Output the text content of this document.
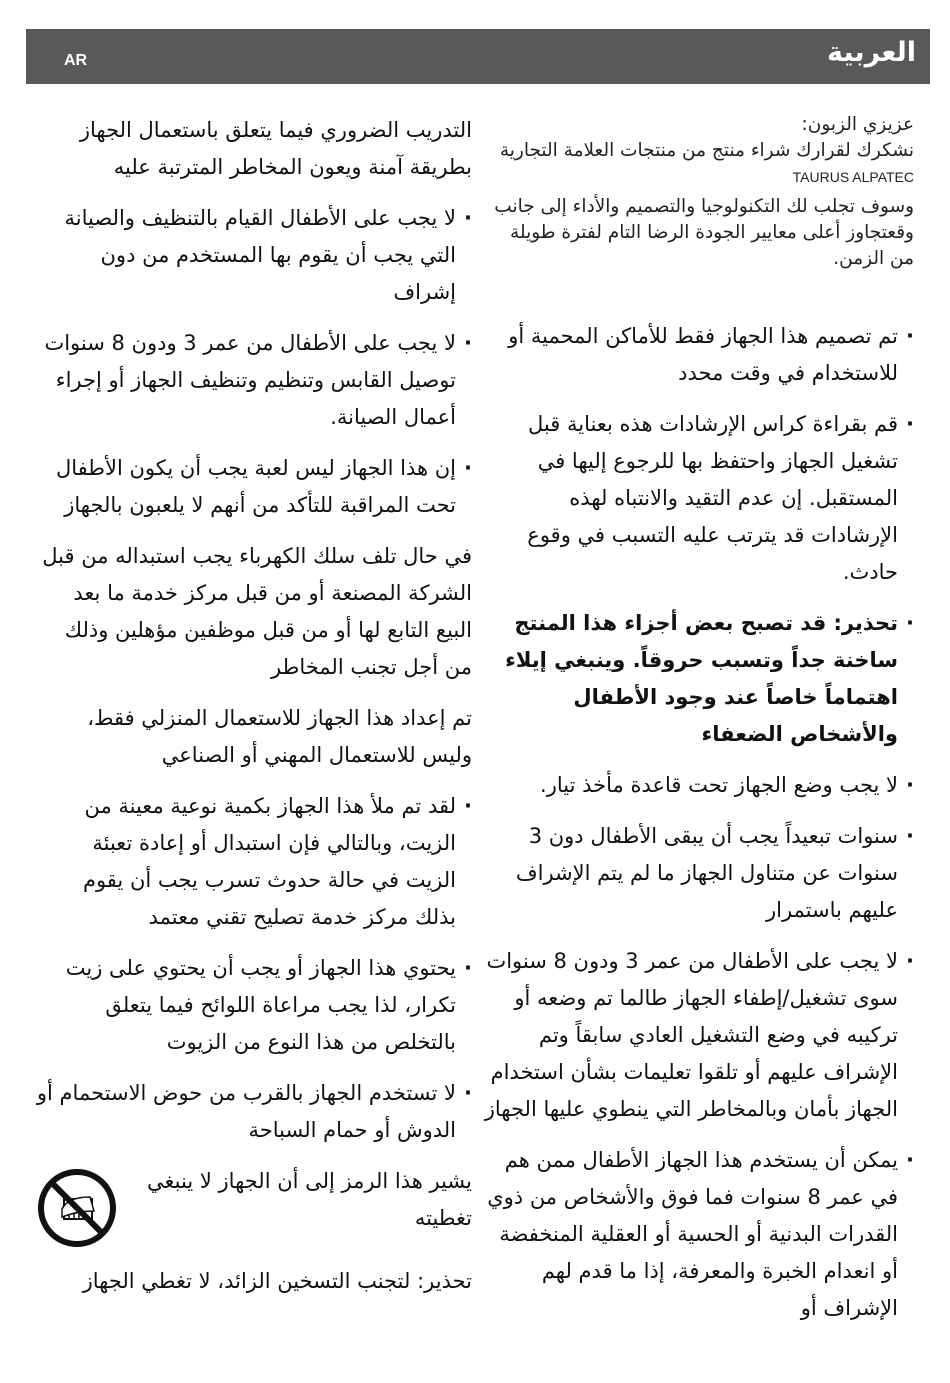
AR	العربية
عزيزي الزبون:
نشكرك لقرارك شراء منتج من منتجات العلامة التجارية TAURUS ALPATEC
وسوف تجلب لك التكنولوجيا والتصميم والأداء إلى جانب وقعتجاوز أعلى معايير الجودة الرضا التام لفترة طويلة من الزمن.

· تم تصميم هذا الجهاز فقط للأماكن المحمية أو للاستخدام في وقت محدد

· قم بقراءة كراس الإرشادات هذه بعناية قبل تشغيل الجهاز واحتفظ بها للرجوع إليها في المستقبل. إن عدم التقيد والانتباه لهذه الإرشادات قد يترتب عليه التسبب في وقوع حادث.

· تحذير: قد تصبح بعض أجزاء هذا المنتج ساخنة جداً وتسبب حروقاً. وينبغي إيلاء اهتماماً خاصاً عند وجود الأطفال والأشخاص الضعفاء

· لا يجب وضع الجهاز تحت قاعدة مأخذ تيار.

· سنوات تبعيداً يجب أن يبقى الأطفال دون 3 سنوات عن متناول الجهاز ما لم يتم الإشراف عليهم باستمرار

· لا يجب على الأطفال من عمر 3 ودون 8 سنوات سوى تشغيل/إطفاء الجهاز طالما تم وضعه أو تركيبه في وضع التشغيل العادي سابقاً وتم الإشراف عليهم أو تلقوا تعليمات بشأن استخدام الجهاز بأمان وبالمخاطر التي ينطوي عليها الجهاز

· يمكن أن يستخدم هذا الجهاز الأطفال ممن هم في عمر 8 سنوات فما فوق والأشخاص من ذوي القدرات البدنية أو الحسية أو العقلية المنخفضة أو انعدام الخبرة والمعرفة، إذا ما قدم لهم الإشراف أو

التدريب الضروري فيما يتعلق باستعمال الجهاز بطريقة آمنة ويعون المخاطر المترتبة عليه

· لا يجب على الأطفال القيام بالتنظيف والصيانة التي يجب أن يقوم بها المستخدم من دون إشراف

· لا يجب على الأطفال من عمر 3 ودون 8 سنوات توصيل القابس وتنظيم وتنظيف الجهاز أو إجراء أعمال الصيانة.

· إن هذا الجهاز ليس لعبة يجب أن يكون الأطفال تحت المراقبة للتأكد من أنهم لا يلعبون بالجهاز

في حال تلف سلك الكهرباء يجب استبداله من قبل الشركة المصنعة أو من قبل مركز خدمة ما بعد البيع التابع لها أو من قبل موظفين مؤهلين وذلك من أجل تجنب المخاطر

تم إعداد هذا الجهاز للاستعمال المنزلي فقط، وليس للاستعمال المهني أو الصناعي

· لقد تم ملأ هذا الجهاز بكمية نوعية معينة من الزيت، وبالتالي فإن استبدال أو إعادة تعبئة الزيت في حالة حدوث تسرب يجب أن يقوم بذلك مركز خدمة تصليح تقني معتمد

· يحتوي هذا الجهاز أو يجب أن يحتوي على زيت تكرار، لذا يجب مراعاة اللوائح فيما يتعلق بالتخلص من هذا النوع من الزيوت

· لا تستخدم الجهاز بالقرب من حوض الاستحمام أو الدوش أو حمام السباحة

يشير هذا الرمز إلى أن الجهاز لا ينبغي تغطيته

تحذير: لتجنب التسخين الزائد، لا تغطي الجهاز
